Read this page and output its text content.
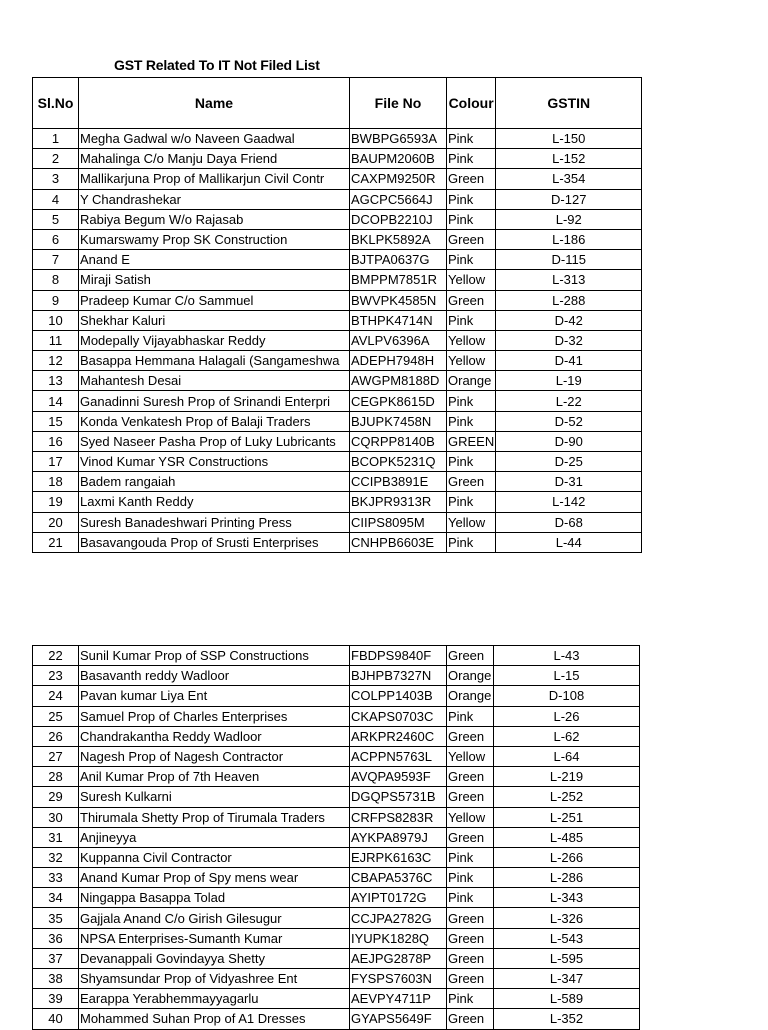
GST Related To IT Not Filed List
Sl.No	Name	File No	Colour	GSTIN
1	Megha Gadwal w/o Naveen Gaadwal	BWBPG6593A	Pink	L-150
2	Mahalinga C/o Manju Daya Friend	BAUPM2060B	Pink	L-152
3	Mallikarjuna Prop of Mallikarjun Civil Contr	CAXPM9250R	Green	L-354
4	Y Chandrashekar	AGCPC5664J	Pink	D-127
5	Rabiya Begum W/o Rajasab	DCOPB2210J	Pink	L-92
6	Kumarswamy Prop SK Construction	BKLPK5892A	Green	L-186
7	Anand E	BJTPA0637G	Pink	D-115
8	Miraji Satish	BMPPM7851R	Yellow	L-313
9	Pradeep Kumar C/o Sammuel	BWVPK4585N	Green	L-288
10	Shekhar Kaluri	BTHPK4714N	Pink	D-42
11	Modepally Vijayabhaskar Reddy	AVLPV6396A	Yellow	D-32
12	Basappa Hemmana Halagali (Sangameshwa	ADEPH7948H	Yellow	D-41
13	Mahantesh Desai	AWGPM8188D	Orange	L-19
14	Ganadinni Suresh Prop of Srinandi Enterpri	CEGPK8615D	Pink	L-22
15	Konda Venkatesh Prop of Balaji Traders	BJUPK7458N	Pink	D-52
16	Syed Naseer Pasha Prop of Luky Lubricants	CQRPP8140B	GREEN	D-90
17	Vinod Kumar YSR Constructions	BCOPK5231Q	Pink	D-25
18	Badem rangaiah	CCIPB3891E	Green	D-31
19	Laxmi Kanth Reddy	BKJPR9313R	Pink	L-142
20	Suresh Banadeshwari Printing Press	CIIPS8095M	Yellow	D-68
21	Basavangouda Prop of Srusti Enterprises	CNHPB6603E	Pink	L-44
22	Sunil Kumar Prop of SSP Constructions	FBDPS9840F	Green	L-43
23	Basavanth reddy Wadloor	BJHPB7327N	Orange	L-15
24	Pavan kumar Liya Ent	COLPP1403B	Orange	D-108
25	Samuel Prop of Charles Enterprises	CKAPS0703C	Pink	L-26
26	Chandrakantha Reddy Wadloor	ARKPR2460C	Green	L-62
27	Nagesh Prop of Nagesh Contractor	ACPPN5763L	Yellow	L-64
28	Anil Kumar Prop of 7th Heaven	AVQPA9593F	Green	L-219
29	Suresh Kulkarni	DGQPS5731B	Green	L-252
30	Thirumala Shetty Prop of Tirumala Traders	CRFPS8283R	Yellow	L-251
31	Anjineyya	AYKPA8979J	Green	L-485
32	Kuppanna Civil Contractor	EJRPK6163C	Pink	L-266
33	Anand Kumar Prop of Spy mens wear	CBAPA5376C	Pink	L-286
34	Ningappa Basappa Tolad	AYIPT0172G	Pink	L-343
35	Gajjala Anand C/o Girish Gilesugur	CCJPA2782G	Green	L-326
36	NPSA Enterprises-Sumanth Kumar	IYUPK1828Q	Green	L-543
37	Devanappali Govindayya Shetty	AEJPG2878P	Green	L-595
38	Shyamsundar Prop of Vidyashree Ent	FYSPS7603N	Green	L-347
39	Earappa Yerabhemmayyagarlu	AEVPY4711P	Pink	L-589
40	Mohammed Suhan Prop of A1 Dresses	GYAPS5649F	Green	L-352
